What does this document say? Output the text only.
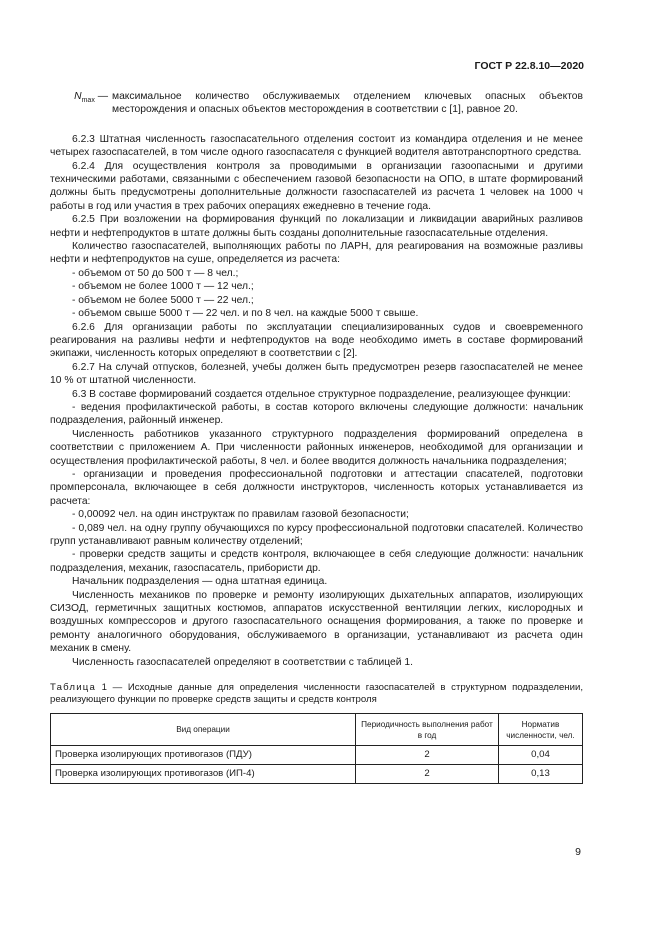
ГОСТ Р 22.8.10—2020
$N_{max}$ — максимальное количество обслуживаемых отделением ключевых опасных объектов месторождения и опасных объектов месторождения в соответствии с [1], равное 20.

6.2.3 Штатная численность газоспасательного отделения состоит из командира отделения и не менее четырех газоспасателей, в том числе одного газоспасателя с функцией водителя автотранспортного средства.

6.2.4 Для осуществления контроля за проводимыми в организации газоопасными и другими техническими работами, связанными с обеспечением газовой безопасности на ОПО, в штате формирований должны быть предусмотрены дополнительные должности газоспасателей из расчета 1 человек на 1000 ч работы в год или участия в трех рабочих операциях ежедневно в течение года.

6.2.5 При возложении на формирования функций по локализации и ликвидации аварийных разливов нефти и нефтепродуктов в штате должны быть созданы дополнительные газоспасательные отделения.

Количество газоспасателей, выполняющих работы по ЛАРН, для реагирования на возможные разливы нефти и нефтепродуктов на суше, определяется из расчета:

- объемом от 50 до 500 т — 8 чел.;

- объемом не более 1000 т — 12 чел.;

- объемом не более 5000 т — 22 чел.;

- объемом свыше 5000 т — 22 чел. и по 8 чел. на каждые 5000 т свыше.

6.2.6 Для организации работы по эксплуатации специализированных судов и своевременного реагирования на разливы нефти и нефтепродуктов на воде необходимо иметь в составе формирований экипажи, численность которых определяют в соответствии с [2].

6.2.7 На случай отпусков, болезней, учебы должен быть предусмотрен резерв газоспасателей не менее 10 % от штатной численности.

6.3 В составе формирований создается отдельное структурное подразделение, реализующее функции:

- ведения профилактической работы, в состав которого включены следующие должности: начальник подразделения, районный инженер.

Численность работников указанного структурного подразделения формирований определена в соответствии с приложением А. При численности районных инженеров, необходимой для организации и осуществления профилактической работы, 8 чел. и более вводится должность начальника подразделения;

- организации и проведения профессиональной подготовки и аттестации спасателей, подготовки промперсонала, включающее в себя должности инструкторов, численность которых устанавливается из расчета:

- 0,00092 чел. на один инструктаж по правилам газовой безопасности;

- 0,089 чел. на одну группу обучающихся по курсу профессиональной подготовки спасателей. Количество групп устанавливают равным количеству отделений;

- проверки средств защиты и средств контроля, включающее в себя следующие должности: начальник подразделения, механик, газоспасатель, прибористи др.

Начальник подразделения — одна штатная единица.

Численность механиков по проверке и ремонту изолирующих дыхательных аппаратов, изолирующих СИЗОД, герметичных защитных костюмов, аппаратов искусственной вентиляции легких, кислородных и воздушных компрессоров и другого газоспасательного оснащения формирования, а также по проверке и ремонту аналогичного оборудования, обслуживаемого в организации, устанавливают из расчета один механик в смену.

Численность газоспасателей определяют в соответствии с таблицей 1.

Таблица 1 — Исходные данные для определения численности газоспасателей в структурном подразделении, реализующего функции по проверке средств защиты и средств контроля

Вид операции	Периодичность выполнения работ в год	Норматив численности, чел.
Проверка изолирующих противогазов (ПДУ)	2	0,04
Проверка изолирующих противогазов (ИП-4)	2	0,13
9
